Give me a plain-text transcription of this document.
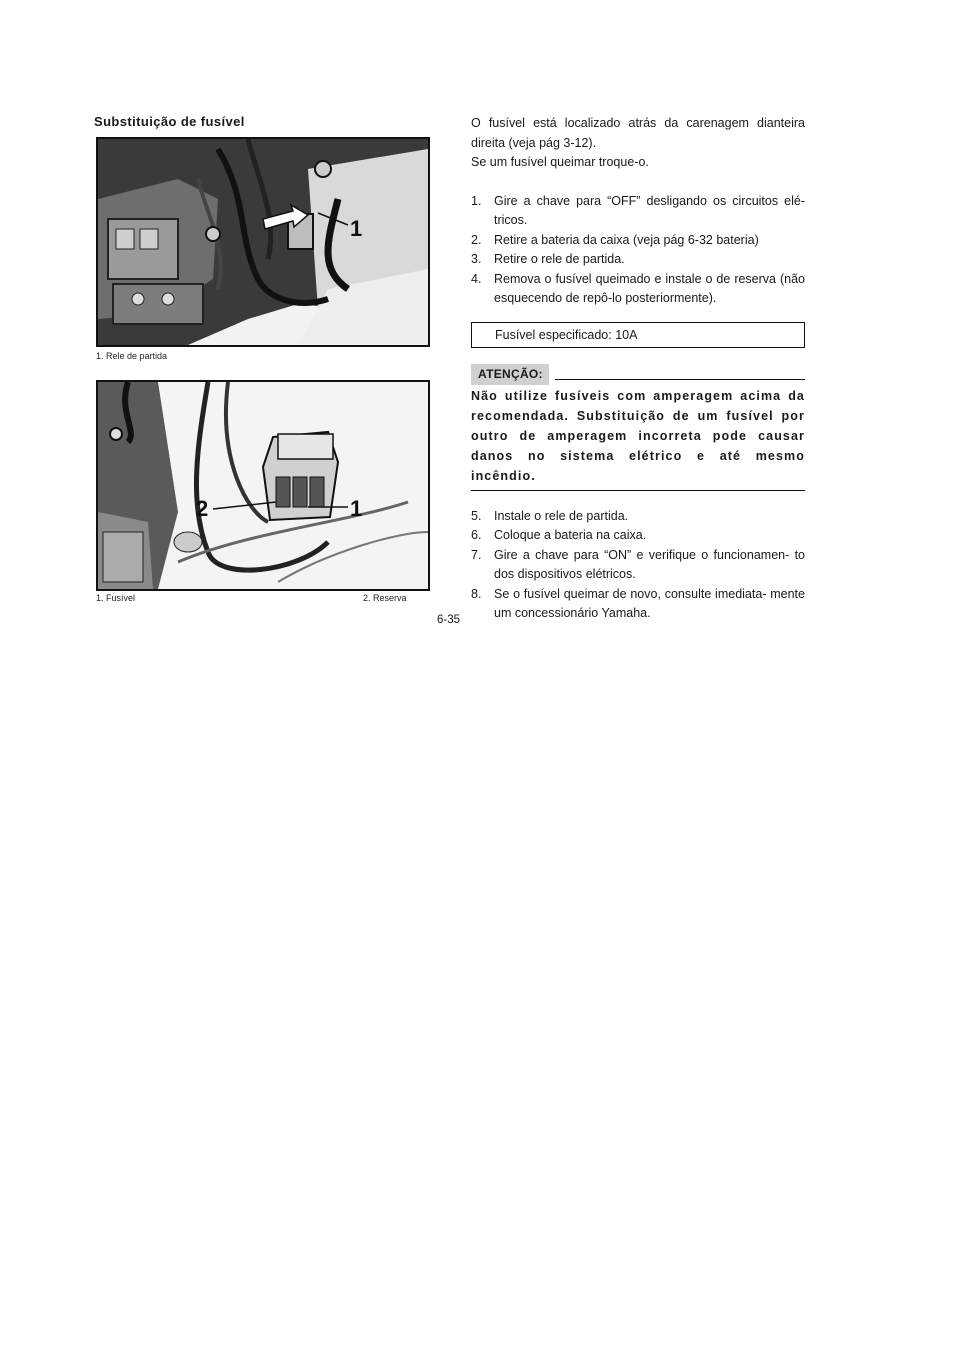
Substituição de fusível
1
1. Rele de partida
2	1
1. Fusível	2. Reserva

O fusível está localizado atrás da carenagem dianteira direita (veja pág 3-12).

Se um fusível queimar troque-o.

1. Gire a chave para “OFF” desligando os circuitos elé- tricos.

2. Retire a bateria da caixa (veja pág 6-32 bateria)

3. Retire o rele de partida.

4. Remova o fusível queimado e instale o de reserva (não esquecendo de repô-lo posteriormente).

Fusível especificado: 10A
ATENÇÃO:

Não utilize fusíveis com amperagem acima da recomendada. Substituição de um fusível por outro de amperagem incorreta pode causar danos no sistema elétrico e até mesmo incêndio.

5. Instale o rele de partida.

6. Coloque a bateria na caixa.

7. Gire a chave para “ON” e verifique o funcionamen- to dos dispositivos elétricos.

8. Se o fusível queimar de novo, consulte imediata- mente um concessionário Yamaha.

6-35
